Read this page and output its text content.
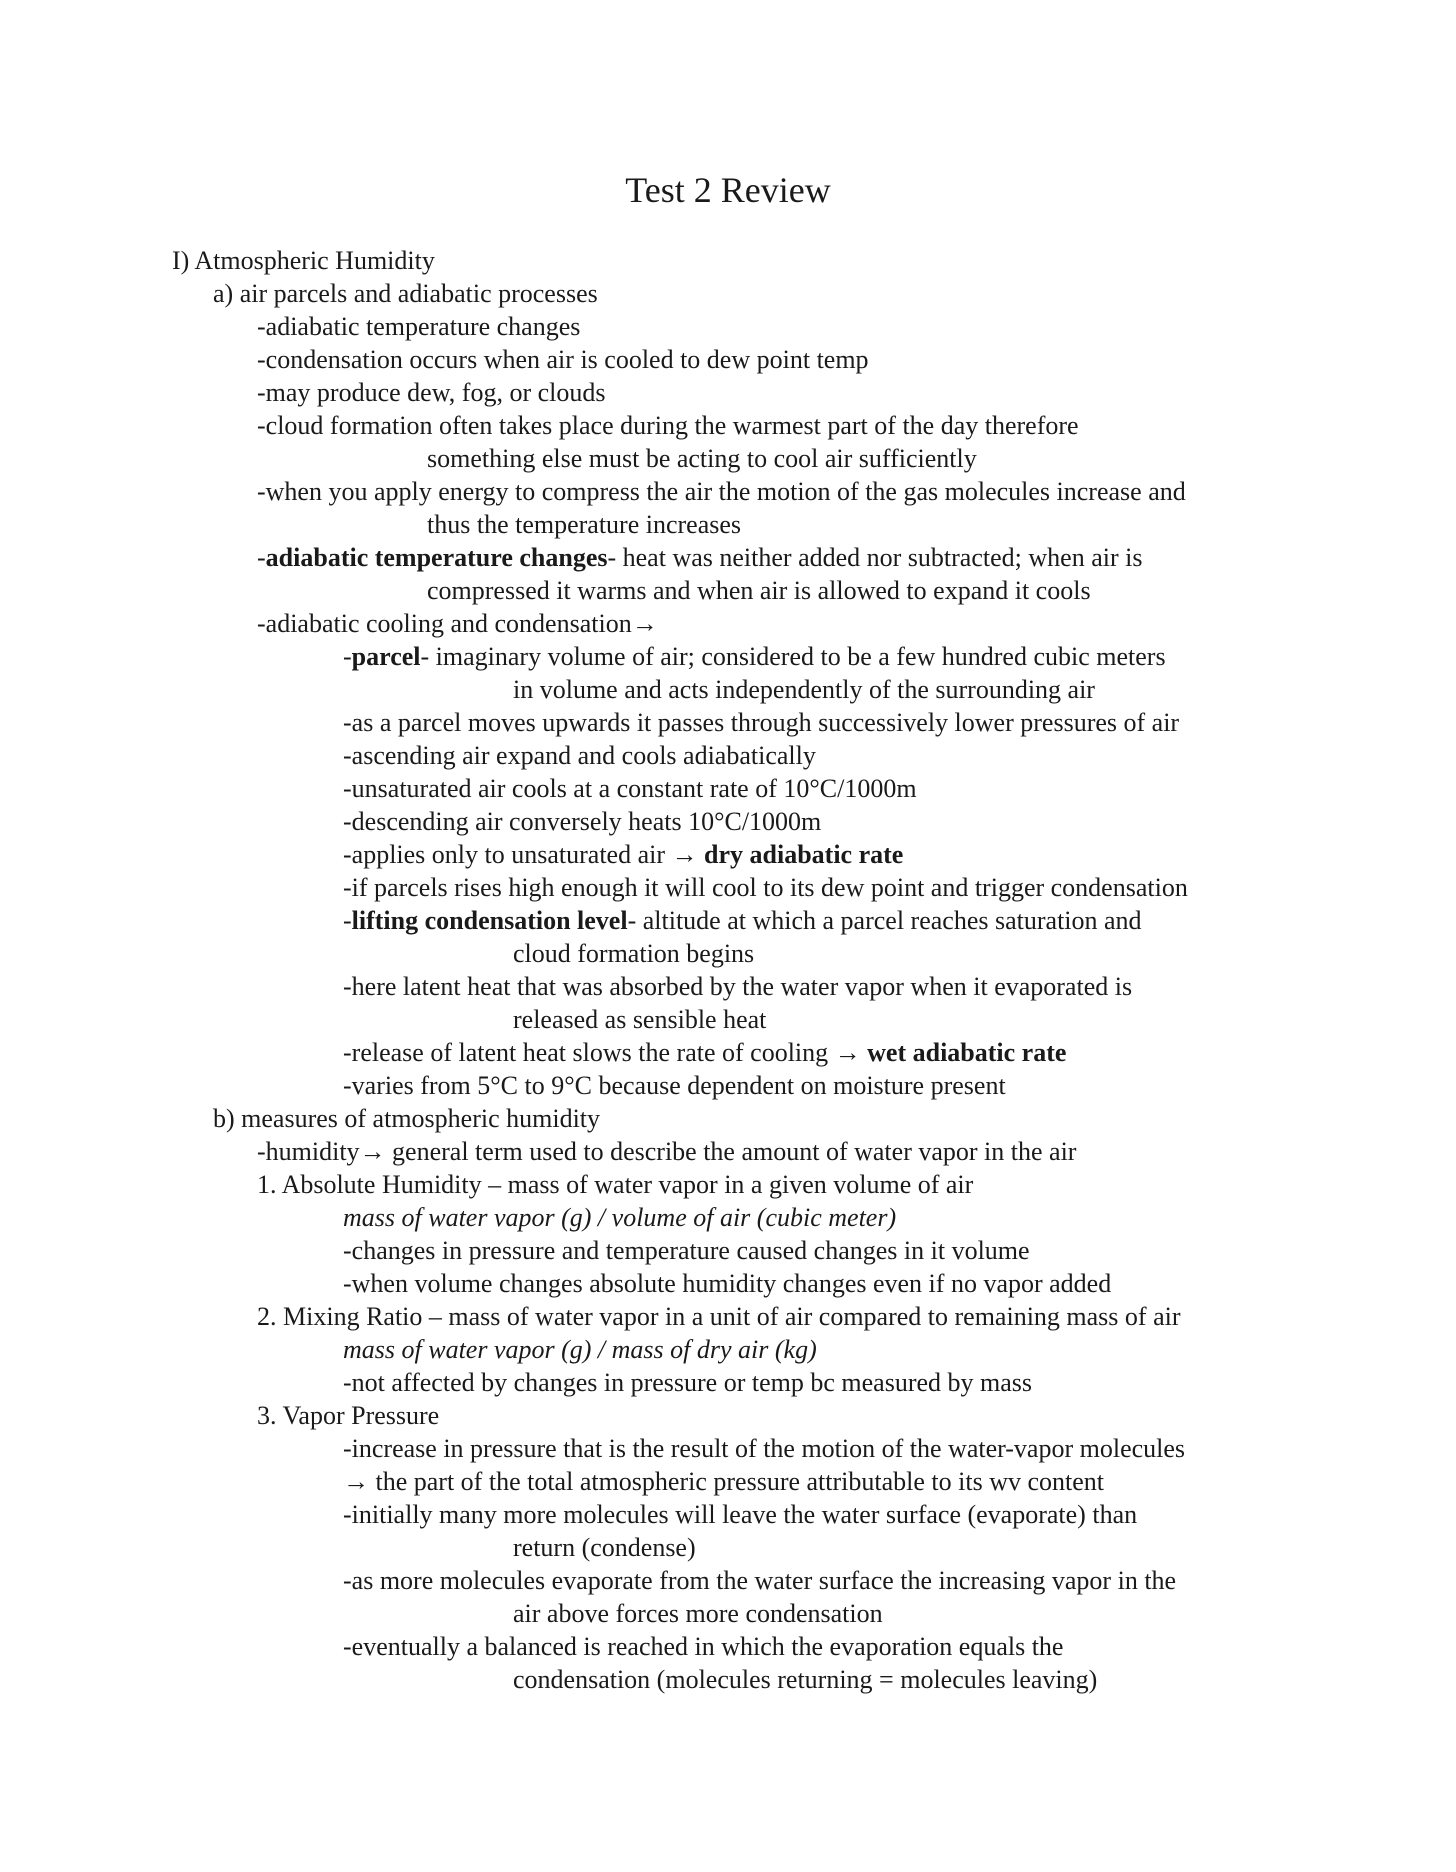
Test 2 Review
I) Atmospheric Humidity
a) air parcels and adiabatic processes
-adiabatic temperature changes
-condensation occurs when air is cooled to dew point temp
-may produce dew, fog, or clouds
-cloud formation often takes place during the warmest part of the day therefore
something else must be acting to cool air sufficiently
-when you apply energy to compress the air the motion of the gas molecules increase and
thus the temperature increases
-adiabatic temperature changes- heat was neither added nor subtracted; when air is
compressed it warms and when air is allowed to expand it cools
-adiabatic cooling and condensation→
-parcel- imaginary volume of air; considered to be a few hundred cubic meters
in volume and acts independently of the surrounding air
-as a parcel moves upwards it passes through successively lower pressures of air
-ascending air expand and cools adiabatically
-unsaturated air cools at a constant rate of 10°C/1000m
-descending air conversely heats 10°C/1000m
-applies only to unsaturated air → dry adiabatic rate
-if parcels rises high enough it will cool to its dew point and trigger condensation
-lifting condensation level- altitude at which a parcel reaches saturation and
cloud formation begins
-here latent heat that was absorbed by the water vapor when it evaporated is
released as sensible heat
-release of latent heat slows the rate of cooling → wet adiabatic rate
-varies from 5°C to 9°C because dependent on moisture present
b) measures of atmospheric humidity
-humidity→ general term used to describe the amount of water vapor in the air
1. Absolute Humidity – mass of water vapor in a given volume of air
mass of water vapor (g) / volume of air (cubic meter)
-changes in pressure and temperature caused changes in it volume
-when volume changes absolute humidity changes even if no vapor added
2. Mixing Ratio – mass of water vapor in a unit of air compared to remaining mass of air
mass of water vapor (g) / mass of dry air (kg)
-not affected by changes in pressure or temp bc measured by mass
3. Vapor Pressure
-increase in pressure that is the result of the motion of the water-vapor molecules
→ the part of the total atmospheric pressure attributable to its wv content
-initially many more molecules will leave the water surface (evaporate) than
return (condense)
-as more molecules evaporate from the water surface the increasing vapor in the
air above forces more condensation
-eventually a balanced is reached in which the evaporation equals the
condensation (molecules returning = molecules leaving)
